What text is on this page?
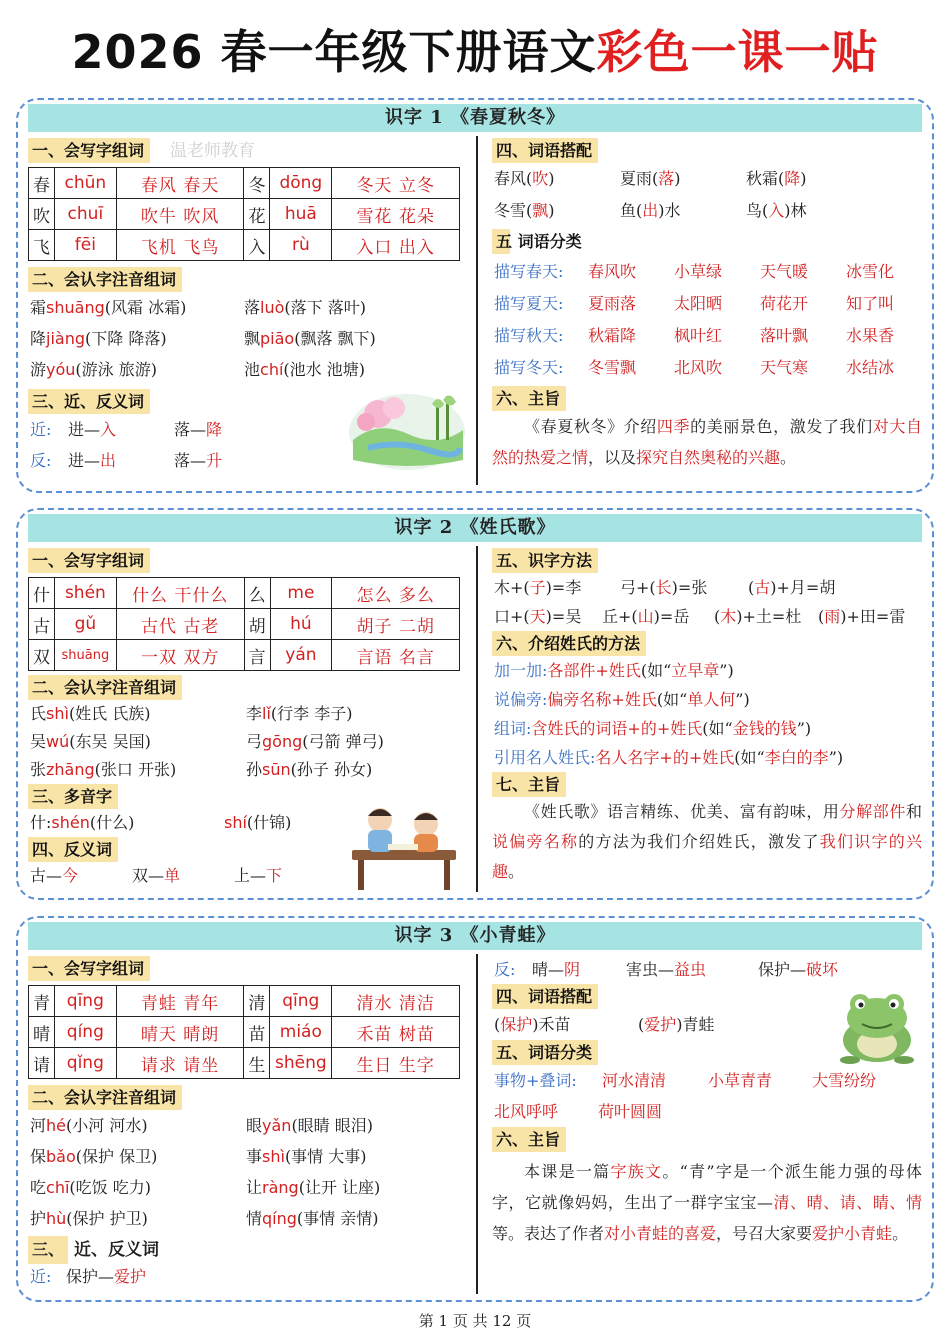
2026 春一年级下册语文彩色一课一贴
识字 1 《春夏秋冬》
一、会写字组词
春	chūn	春风 春天	冬	dōng	冬天 立冬
吹	chuī	吹牛 吹风	花	huā	雪花 花朵
飞	fēi	飞机 飞鸟	入	rù	入口 出入
二、会认字注音组词
霜shuāng(风霜 冰霜)	落luò(落下 落叶)
降jiàng(下降 降落)	飘piāo(飘落 飘下)
游yóu(游泳 旅游)	池chí(池水 池塘)
三、近、反义词
近: 进—入	落—降
反: 进—出	落—升
四、词语搭配
春风(吹)	夏雨(落)	秋霜(降)
冬雪(飘)	鱼(出)水	鸟(入)林
五 词语分类
描写春天: 春风吹 小草绿 天气暖 冰雪化
描写夏天: 夏雨落 太阳晒 荷花开 知了叫
描写秋天: 秋霜降 枫叶红 落叶飘 水果香
描写冬天: 冬雪飘 北风吹 天气寒 水结冰
六、主旨
《春夏秋冬》介绍四季的美丽景色，激发了我们对大自然的热爱之情，以及探究自然奥秘的兴趣。
温老师教育
识字 2 《姓氏歌》
一、会写字组词
什	shén	什么 干什么	么	me	怎么 多么
古	gǔ	古代 古老	胡	hú	胡子 二胡
双	shuāng	一双 双方	言	yán	言语 名言
二、会认字注音组词
氏shì(姓氏 氏族)	李lǐ(行李 李子)
吴wú(东吴 吴国)	弓gōng(弓箭 弹弓)
张zhāng(张口 开张)	孙sūn(孙子 孙女)
三、多音字
什:shén(什么)	shí(什锦)
四、反义词
古—今	双—单	上—下
五、识字方法
木+(子)=李 弓+(长)=张	(古)+月=胡
口+(天)=吴 丘+(山)=岳 (木)+土=杜 (雨)+田=雷
六、介绍姓氏的方法
加一加:各部件+姓氏(如“立早章”)
说偏旁:偏旁名称+姓氏(如“单人何”)
组词:含姓氏的词语+的+姓氏(如“金钱的钱”)
引用名人姓氏:名人名字+的+姓氏(如“李白的李”)
七、主旨
《姓氏歌》语言精练、优美、富有韵味，用分解部件和说偏旁名称的方法为我们介绍姓氏，激发了我们识字的兴趣。
识字 3 《小青蛙》
一、会写字组词
青	qīng	青蛙 青年	清	qīng	清水 清洁
晴	qíng	晴天 晴朗	苗	miáo	禾苗 树苗
请	qǐng	请求 请坐	生	shēng	生日 生字
二、会认字注音组词
河hé(小河 河水)	眼yǎn(眼睛 眼泪)
保bǎo(保护 保卫)	事shì(事情 大事)
吃chī(吃饭 吃力)	让ràng(让开 让座)
护hù(保护 护卫)	情qíng(事情 亲情)
三、 近、反义词
近: 保护—爱护
反: 晴—阴	害虫—益虫	保护—破坏
四、词语搭配
(保护)禾苗	(爱护)青蛙
五、词语分类
事物+叠词: 河水清清	小草青青 大雪纷纷
北风呼呼 荷叶圆圆
六、主旨
本课是一篇字族文。“青”字是一个派生能力强的母体字，它就像妈妈，生出了一群字宝宝—清、晴、请、睛、情等。表达了作者对小青蛙的喜爱，号召大家要爱护小青蛙。
第 1 页 共 12 页
